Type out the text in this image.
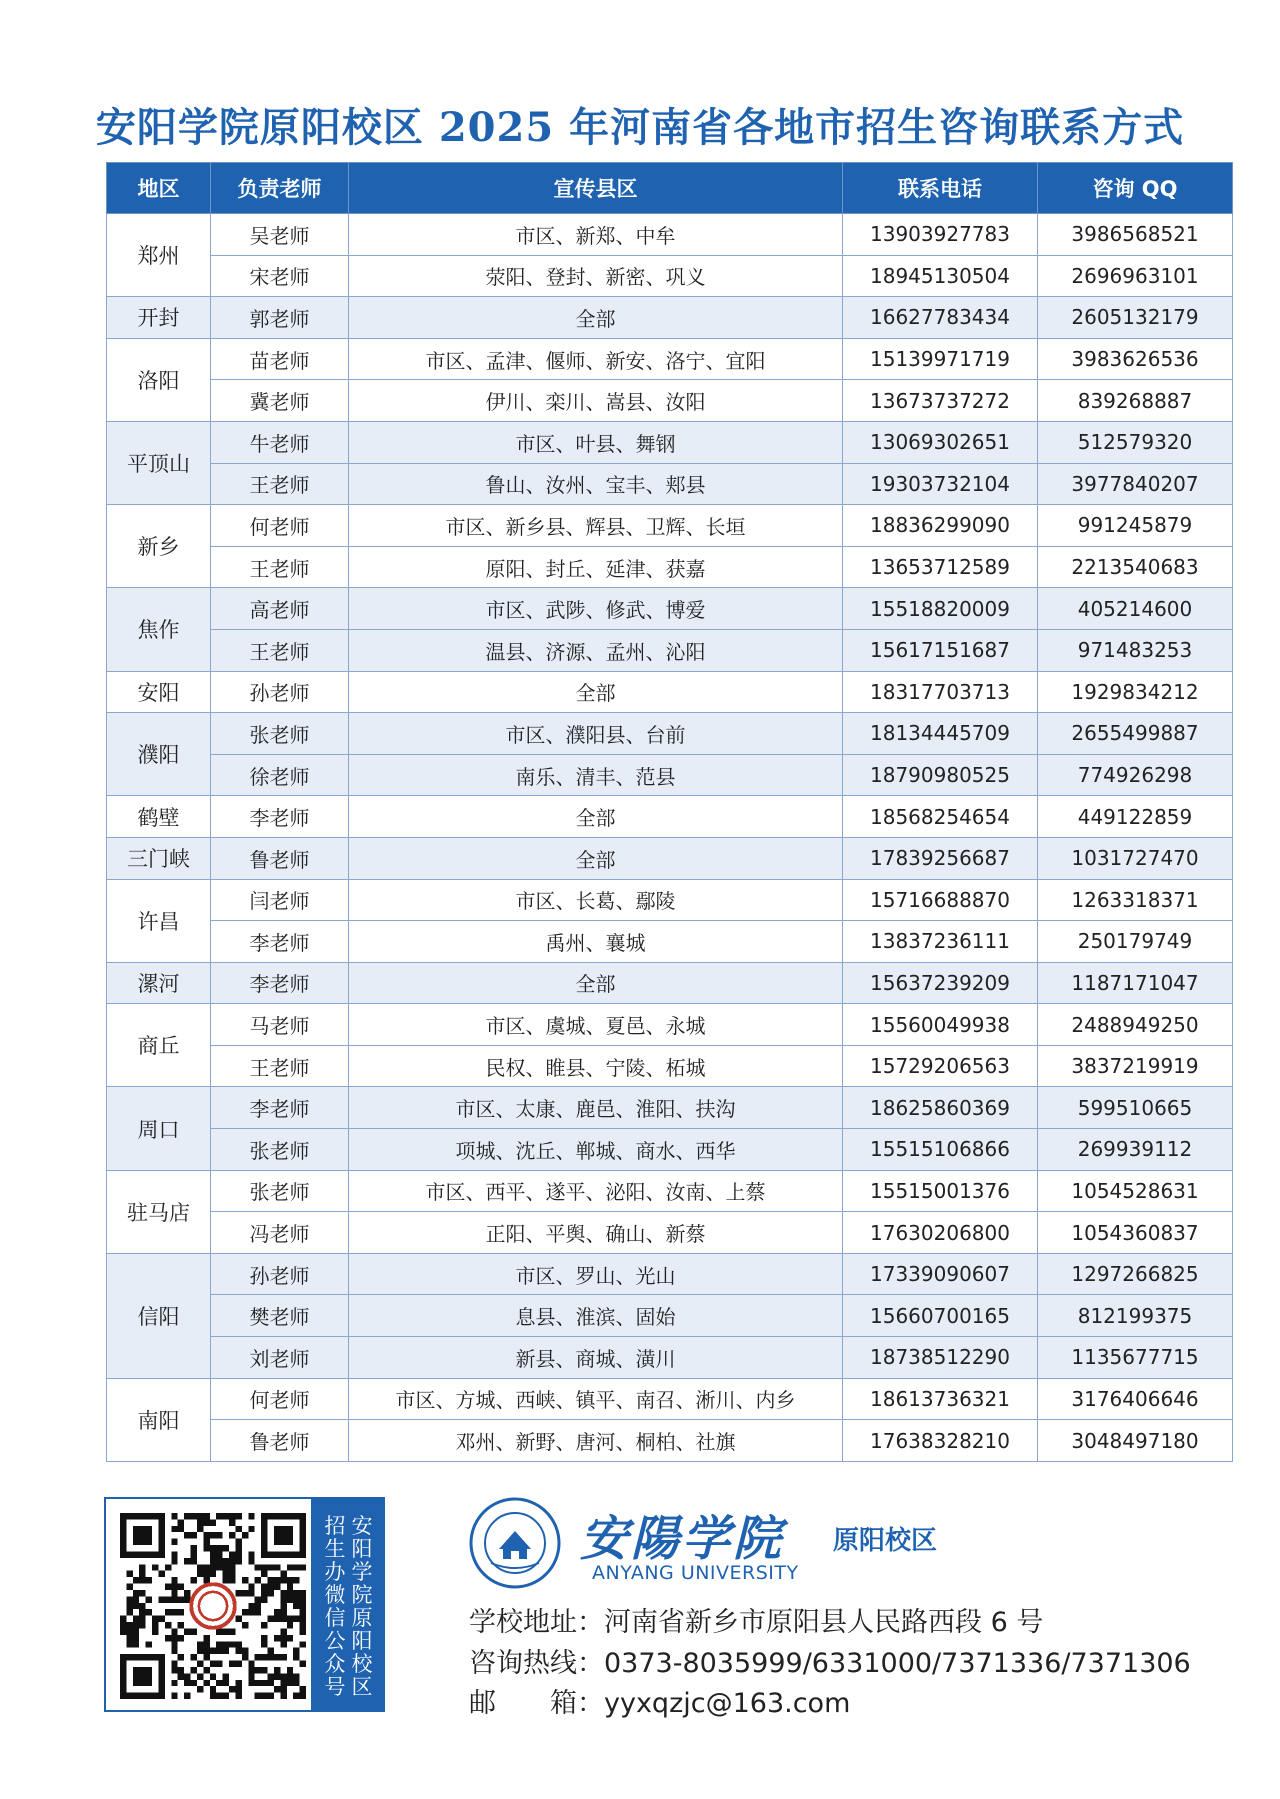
安阳学院原阳校区 2025 年河南省各地市招生咨询联系方式
地区	负责老师	宣传县区	联系电话	咨询 QQ
郑州	吴老师	市区、新郑、中牟	13903927783	3986568521
	宋老师	荥阳、登封、新密、巩义	18945130504	2696963101
开封	郭老师	全部	16627783434	2605132179
洛阳	苗老师	市区、孟津、偃师、新安、洛宁、宜阳	15139971719	3983626536
	冀老师	伊川、栾川、嵩县、汝阳	13673737272	839268887
平顶山	牛老师	市区、叶县、舞钢	13069302651	512579320
	王老师	鲁山、汝州、宝丰、郏县	19303732104	3977840207
新乡	何老师	市区、新乡县、辉县、卫辉、长垣	18836299090	991245879
	王老师	原阳、封丘、延津、获嘉	13653712589	2213540683
焦作	高老师	市区、武陟、修武、博爱	15518820009	405214600
	王老师	温县、济源、孟州、沁阳	15617151687	971483253
安阳	孙老师	全部	18317703713	1929834212
濮阳	张老师	市区、濮阳县、台前	18134445709	2655499887
	徐老师	南乐、清丰、范县	18790980525	774926298
鹤壁	李老师	全部	18568254654	449122859
三门峡	鲁老师	全部	17839256687	1031727470
许昌	闫老师	市区、长葛、鄢陵	15716688870	1263318371
	李老师	禹州、襄城	13837236111	250179749
漯河	李老师	全部	15637239209	1187171047
商丘	马老师	市区、虞城、夏邑、永城	15560049938	2488949250
	王老师	民权、睢县、宁陵、柘城	15729206563	3837219919
周口	李老师	市区、太康、鹿邑、淮阳、扶沟	18625860369	599510665
	张老师	项城、沈丘、郸城、商水、西华	15515106866	269939112
驻马店	张老师	市区、西平、遂平、泌阳、汝南、上蔡	15515001376	1054528631
	冯老师	正阳、平舆、确山、新蔡	17630206800	1054360837
信阳	孙老师	市区、罗山、光山	17339090607	1297266825
	樊老师	息县、淮滨、固始	15660700165	812199375
	刘老师	新县、商城、潢川	18738512290	1135677715
南阳	何老师	市区、方城、西峡、镇平、南召、淅川、内乡	18613736321	3176406646
	鲁老师	邓州、新野、唐河、桐柏、社旗	17638328210	3048497180
安阳学院原阳校区
招生办微信公众号
安陽学院 原阳校区
ANYANG UNIVERSITY
学校地址：河南省新乡市原阳县人民路西段 6 号
咨询热线：0373-8035999/6331000/7371336/7371306
邮　　箱：yyxqzjc@163.com
